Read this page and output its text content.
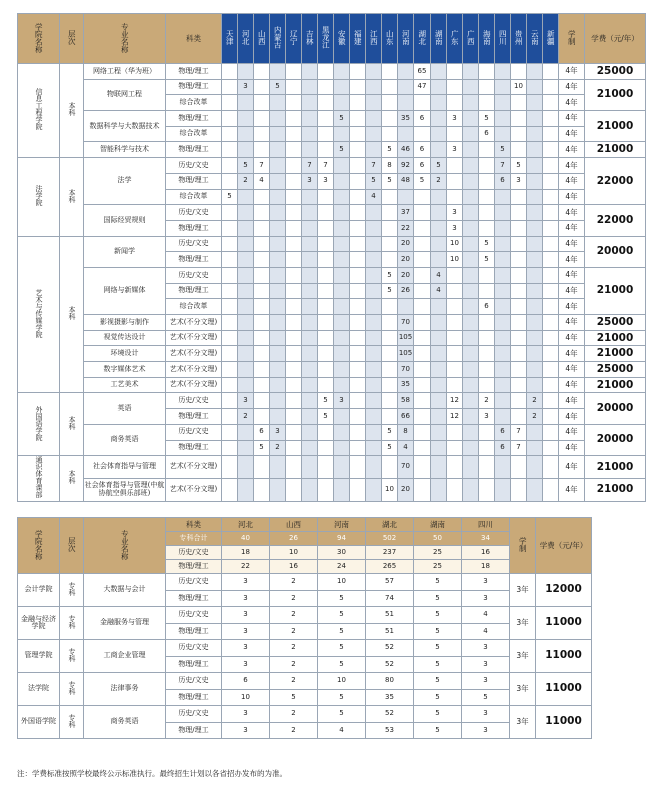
学院名称	层次	专业名称	科类	天津	河北	山西	内蒙古	辽宁	吉林	黑龙江	安徽	福建	江西	山东	河南	湖北	湖南	广东	广西	海南	四川	贵州	云南	新疆	学制	学费（元/年）
信息工程学院	本科	网络工程（华为班）	物理/理工													65									4年	25000
		物联网工程	物理/理工		3		5									47						10			4年	21000
			综合改革																						4年	
		数据科学与大数据技术	物理/理工								5				35	6		3		5					4年	21000
			综合改革																	6					4年	
		智能科学与技术	物理/理工								5			5	46	6		3			5				4年	21000
法学院	本科	法学	历史/文史		5	7			7	7			7	8	92	6	5				7	5			4年	22000
			物理/理工		2	4			3	3			5	5	48	5	2				6	3			4年	
			综合改革	5									4												4年	
		国际经贸规则	历史/文史												37			3							4年	22000
			物理/理工												22			3							4年	
艺术与传媒学院	本科	新闻学	历史/文史												20			10		5					4年	20000
			物理/理工												20			10		5					4年	
		网络与新媒体	历史/文史											5	20		4								4年	21000
			物理/理工											5	26		4								4年	
			综合改革																	6					4年	
		影视摄影与制作	艺术(不分文理)												70										4年	25000
		视觉传达设计	艺术(不分文理)												105										4年	21000
		环境设计	艺术(不分文理)												105										4年	21000
		数字媒体艺术	艺术(不分文理)												70										4年	25000
		工艺美术	艺术(不分文理)												35										4年	21000
外国语学院	本科	英语	历史/文史		3					5	3				58			12		2			2		4年	20000
			物理/理工		2					5					66			12		3			2		4年	
		商务英语	历史/文史			6	3							5	8						6	7			4年	20000
			物理/理工			5	2							5	4						6	7			4年	
通识体育课部	本科	社会体育指导与管理	艺术(不分文理)												70										4年	21000
		社会体育指导与管理(中航协航空俱乐部班)	艺术(不分文理)											10	20										4年	21000
学院名称	层次	专业名称	科类	河北	山西	河南	湖北	湖南	四川	学制	学费（元/年）
			专科合计	40	26	94	502	50	34		
			历史/文史	18	10	30	237	25	16		
			物理/理工	22	16	24	265	25	18		
会计学院	专科	大数据与会计	历史/文史	3	2	10	57	5	3	3年	12000
			物理/理工	3	2	5	74	5	3		
金融与经济学院	专科	金融服务与管理	历史/文史	3	2	5	51	5	4	3年	11000
			物理/理工	3	2	5	51	5	4		
管理学院	专科	工商企业管理	历史/文史	3	2	5	52	5	3	3年	11000
			物理/理工	3	2	5	52	5	3		
法学院	专科	法律事务	历史/文史	6	2	10	80	5	3	3年	11000
			物理/理工	10	5	5	35	5	5		
外国语学院	专科	商务英语	历史/文史	3	2	5	52	5	3	3年	11000
			物理/理工	3	2	4	53	5	3		
注：学费标准按照学校最终公示标准执行。最终招生计划以各省招办发布的为准。
